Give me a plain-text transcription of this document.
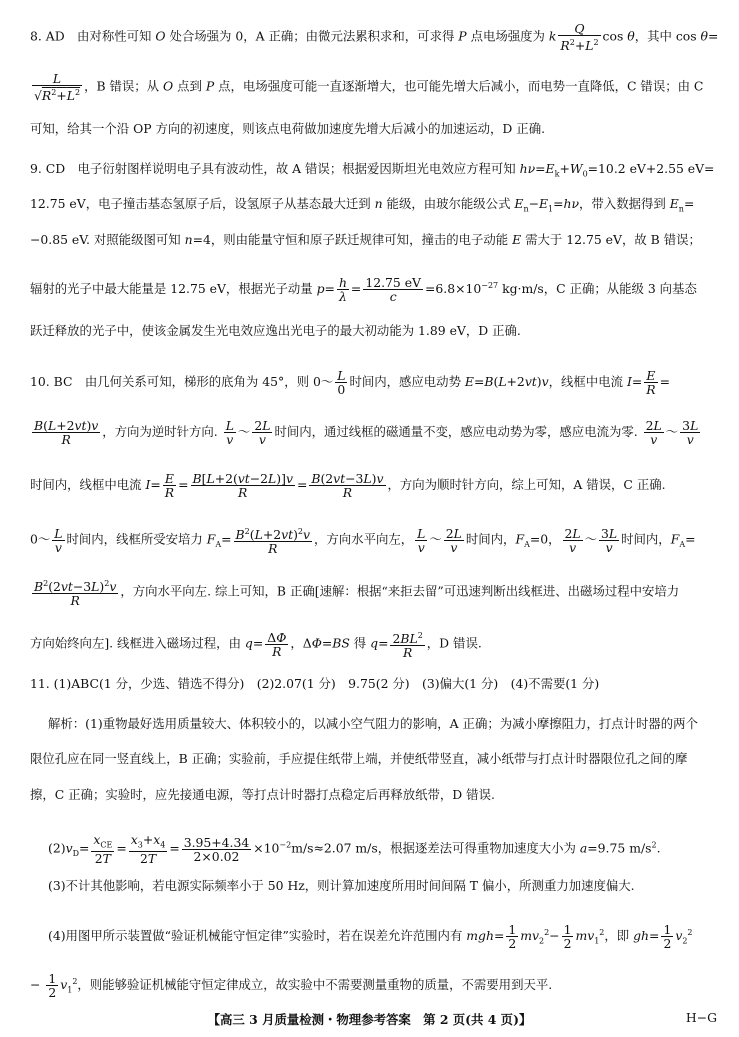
8. AD　由对称性可知 O 处合场强为 0，A 正确；由微元法累积求和，可求得 P 点电场强度为 k $\frac{Q}{R^2+L^2}$ cos θ，其中 cos θ=
$\frac{L}{√R^2+L^2}$ ，B 错误；从 O 点到 P 点，电场强度可能一直逐渐增大，也可能先增大后减小，而电势一直降低，C 错误；由 C
可知，给其一个沿 OP 方向的初速度，则该点电荷做加速度先增大后减小的加速运动，D 正确.
9. CD　电子衍射图样说明电子具有波动性，故 A 错误；根据爱因斯坦光电效应方程可知 $h\nu=E_k+W_0=10.2$ eV+2.55 eV=
12.75 eV，电子撞击基态氢原子后，设氢原子从基态最大迁到 n 能级，由玻尔能级公式 $E_n-E_1=h\nu$，带入数据得到 $E_n=$
−0.85 eV. 对照能级图可知 n=4，则由能量守恒和原子跃迁规律可知，撞击的电子动能 E 需大于 12.75 eV，故 B 错误；
辐射的光子中最大能量是 12.75 eV，根据光子动量 $p= \frac{h}{\lambda} = \frac{12.75 eV}{c} =6.8\times 10^{-27}$ kg·m/s，C 正确；从能级 3 向基态
跃迁释放的光子中，使该金属发生光电效应逸出光电子的最大初动能为 1.89 eV，D 正确.
10. BC　由几何关系可知，梯形的底角为 45°，则 0～ $\frac{L}{0}$ 时间内，感应电动势 E=B(L+2vt)v，线框中电流 $I= \frac{E}{R}$ =
$\frac{B(L+2vt)v}{R}$ ，方向为逆时针方向. $\frac{L}{v}$ ～ $\frac{2L}{v}$ 时间内，通过线框的磁通量不变，感应电动势为零，感应电流为零. $\frac{2L}{v}$ ～ $\frac{3L}{v}$
时间内，线框中电流 $I= \frac{E}{R} = \frac{B[L+2(vt-2L)]v}{R} = \frac{B(2vt-3L)v}{R}$ ，方向为顺时针方向，综上可知，A 错误，C 正确.
0～ $\frac{L}{v}$ 时间内，线框所受安培力 $F_A= \frac{B^2(L+2vt)^2v}{R}$ ，方向水平向左， $\frac{L}{v}$ ～ $\frac{2L}{v}$ 时间内，$F_A=0$， $\frac{2L}{v}$ ～ $\frac{3L}{v}$ 时间内，$F_A=$
$\frac{B^2(2vt-3L)^2v}{R}$ ，方向水平向左. 综上可知，B 正确[速解：根据“来拒去留”可迅速判断出线框进、出磁场过程中安培力
方向始终向左]. 线框进入磁场过程，由 $q= \frac{\Delta\Phi}{R}$ ，ΔΦ=BS 得 $q= \frac{2BL^2}{R}$ ，D 错误.
11. (1)ABC(1 分，少选、错选不得分)　(2)2.07(1 分)　9.75(2 分)　(3)偏大(1 分)　(4)不需要(1 分)
解析：(1)重物最好选用质量较大、体积较小的，以减小空气阻力的影响，A 正确；为减小摩擦阻力，打点计时器的两个
限位孔应在同一竖直线上，B 正确；实验前，手应提住纸带上端，并使纸带竖直，减小纸带与打点计时器限位孔之间的摩
擦，C 正确；实验时，应先接通电源，等打点计时器打点稳定后再释放纸带，D 错误.
$(2)v_D=$
$x_{CE}$
2T
= $\frac{x_3+x_4}{2T} = \frac{3.95+4.34}{2\times 0.02} \times 10^{-2}m/s\approx 2.07$ m/s，根据逐差法可得重物加速度大小为 a=9.75 $m/s^2$.
(3)不计其他影响，若电源实际频率小于 50 Hz，则计算加速度所用时间间隔 T 偏小，所测重力加速度偏大.
(4)用图甲所示装置做“验证机械能守恒定律”实验时，若在误差允许范围内有 $mgh= \frac{1}{2} mv_2^2- \frac{1}{2} mv_1^2$，即 $gh= \frac{1}{2} v_2^2$
− $\frac{1}{2} v_1^2$，则能够验证机械能守恒定律成立，故实验中不需要测量重物的质量，不需要用到天平.
【高三 3 月质量检测・物理参考答案　第 2 页(共 4 页)】	H−G
